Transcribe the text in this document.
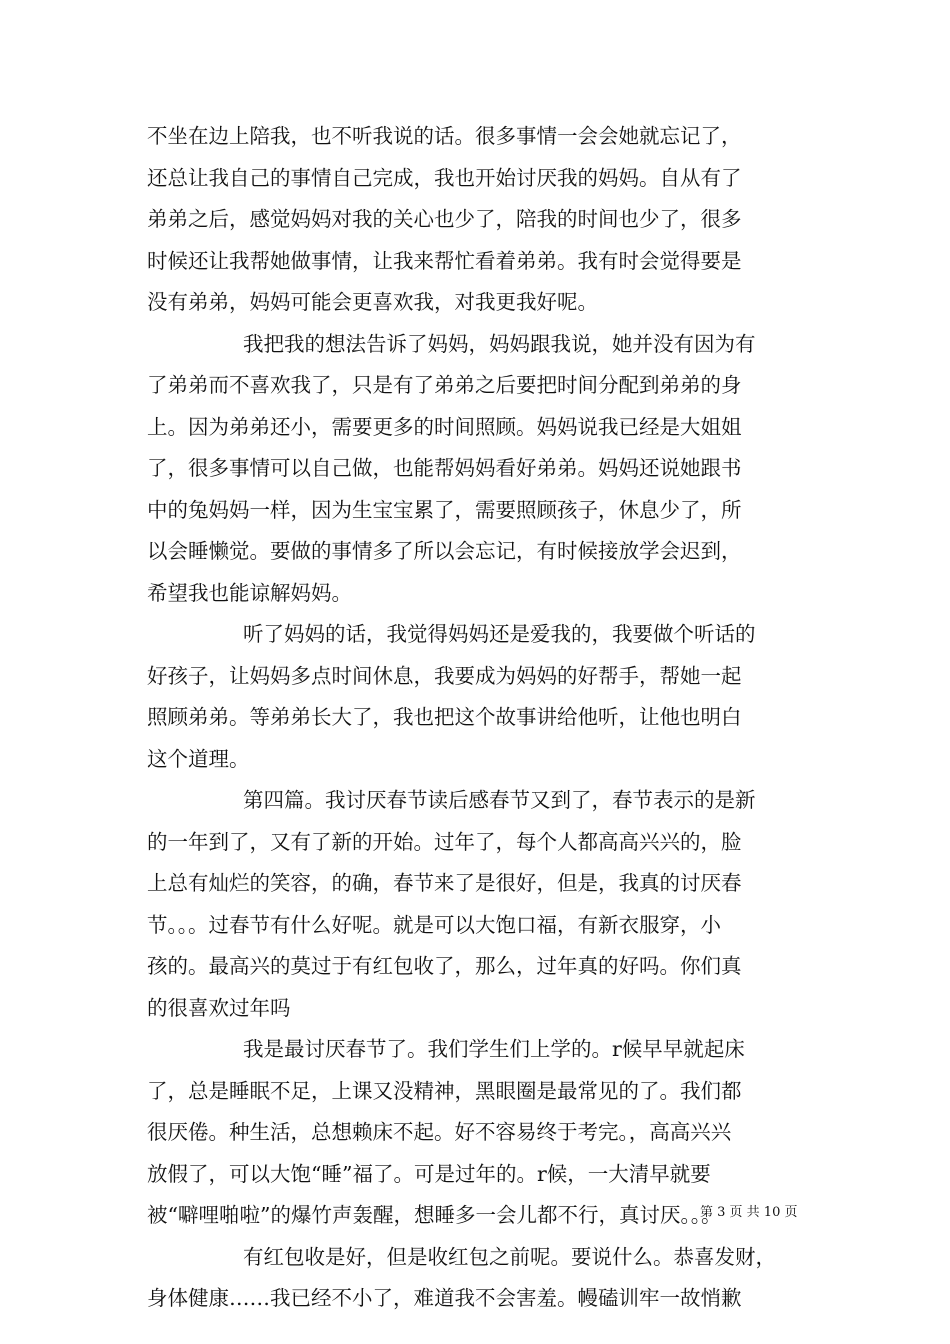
不坐在边上陪我，也不听我说的话。很多事情一会会她就忘记了，
还总让我自己的事情自己完成，我也开始讨厌我的妈妈。自从有了
弟弟之后，感觉妈妈对我的关心也少了，陪我的时间也少了，很多
时候还让我帮她做事情，让我来帮忙看着弟弟。我有时会觉得要是
没有弟弟，妈妈可能会更喜欢我，对我更我好呢。
我把我的想法告诉了妈妈，妈妈跟我说，她并没有因为有
了弟弟而不喜欢我了，只是有了弟弟之后要把时间分配到弟弟的身
上。因为弟弟还小，需要更多的时间照顾。妈妈说我已经是大姐姐
了，很多事情可以自己做，也能帮妈妈看好弟弟。妈妈还说她跟书
中的兔妈妈一样，因为生宝宝累了，需要照顾孩子，休息少了，所
以会睡懒觉。要做的事情多了所以会忘记，有时候接放学会迟到，
希望我也能谅解妈妈。
听了妈妈的话，我觉得妈妈还是爱我的，我要做个听话的
好孩子，让妈妈多点时间休息，我要成为妈妈的好帮手，帮她一起
照顾弟弟。等弟弟长大了，我也把这个故事讲给他听，让他也明白
这个道理。
第四篇。我讨厌春节读后感春节又到了，春节表示的是新
的一年到了，又有了新的开始。过年了，每个人都高高兴兴的，脸
上总有灿烂的笑容，的确，春节来了是很好，但是，我真的讨厌春
节。。。过春节有什么好呢。就是可以大饱口福，有新衣服穿，小
孩的。最高兴的莫过于有红包收了，那么，过年真的好吗。你们真
的很喜欢过年吗
我是最讨厌春节了。我们学生们上学的。r候早早就起床
了，总是睡眠不足，上课又没精神，黑眼圈是最常见的了。我们都
很厌倦。种生活，总想赖床不起。好不容易终于考完。，高高兴兴
放假了，可以大饱“睡”福了。可是过年的。r候，一大清早就要
被“噼哩啪啦”的爆竹声轰醒，想睡多一会儿都不行，真讨厌。。。
有红包收是好，但是收红包之前呢。要说什么。恭喜发财，
身体健康……我已经不小了，难道我不会害羞。幔磕训牢一故悄歉
第 3 页 共 10 页
